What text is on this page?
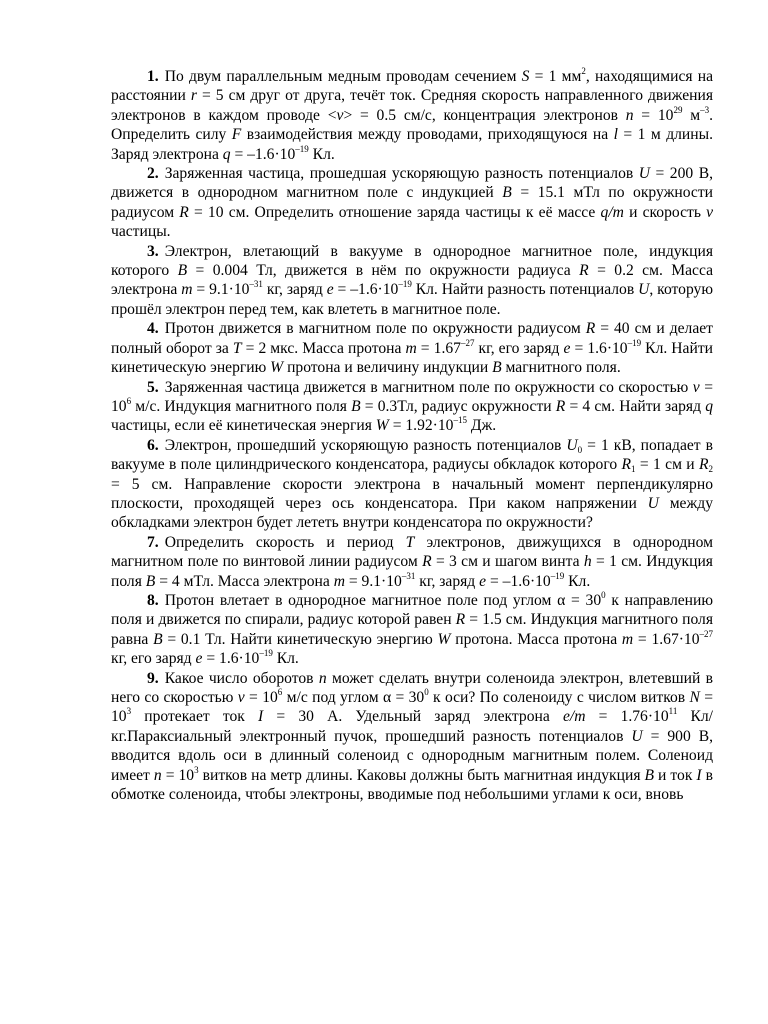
1. По двум параллельным медным проводам сечением S = 1 $мм^2$, находящимися на расстоянии r = 5 см друг от друга, течёт ток. Средняя скорость направленного движения электронов в каждом проводе <v> = 0.5 см/с, концентрация электронов $n = 10^{29}$ $м^{-3}$. Определить силу F взаимодействия между проводами, приходящуюся на l = 1 м длины. Заряд электрона $q = -1.6\cdot 10^{-19}$ Кл.

2. Заряженная частица, прошедшая ускоряющую разность потенциалов U = 200 В, движется в однородном магнитном поле с индукцией B = 15.1 мТл по окружности радиусом R = 10 см. Определить отношение заряда частицы к её массе q/m и скорость v частицы.

3. Электрон, влетающий в вакууме в однородное магнитное поле, индукция которого B = 0.004 Тл, движется в нём по окружности радиуса R = 0.2 см. Масса электрона $m = 9.1\cdot 10^{-31}$ кг, заряд $e = -1.6\cdot 10^{-19}$ Кл. Найти разность потенциалов U, которую прошёл электрон перед тем, как влететь в магнитное поле.

4. Протон движется в магнитном поле по окружности радиусом R = 40 см и делает полный оборот за T = 2 мкс. Масса протона $m = 1.67^{-27}$ кг, его заряд $e = 1.6\cdot 10^{-19}$ Кл. Найти кинетическую энергию W протона и величину индукции B магнитного поля.

5. Заряженная частица движется в магнитном поле по окружности со скоростью $v = 10^6$ м/с. Индукция магнитного поля B = 0.3Тл, радиус окружности R = 4 см. Найти заряд q частицы, если её кинетическая энергия $W = 1.92\cdot 10^{-15}$ Дж.

6. Электрон, прошедший ускоряющую разность потенциалов $U_0 = 1$ кВ, попадает в вакууме в поле цилиндрического конденсатора, радиусы обкладок которого $R_1 = 1$ см и $R_2 = 5$ см. Направление скорости электрона в начальный момент перпендикулярно плоскости, проходящей через ось конденсатора. При каком напряжении U между обкладками электрон будет лететь внутри конденсатора по окружности?

7. Определить скорость и период T электронов, движущихся в однородном магнитном поле по винтовой линии радиусом R = 3 см и шагом винта h = 1 см. Индукция поля B = 4 мТл. Масса электрона $m = 9.1\cdot 10^{-31}$ кг, заряд $e = -1.6\cdot 10^{-19}$ Кл.

8. Протон влетает в однородное магнитное поле под углом $\alpha = 30^0$ к направлению поля и движется по спирали, радиус которой равен R = 1.5 см. Индукция магнитного поля равна B = 0.1 Тл. Найти кинетическую энергию W протона. Масса протона $m = 1.67\cdot 10^{-27}$ кг, его заряд $e = 1.6\cdot 10^{-19}$ Кл.

9. Какое число оборотов n может сделать внутри соленоида электрон, влетевший в него со скоростью $v = 10^6$ м/с под углом $\alpha = 30^0$ к оси? По соленоиду с числом витков $N = 10^3$ протекает ток I = 30 А. Удельный заряд электрона $e/m = 1.76\cdot 10^{11}$ Кл/кг.Параксиальный электронный пучок, прошедший разность потенциалов U = 900 В, вводится вдоль оси в длинный соленоид с однородным магнитным полем. Соленоид имеет $n = 10^3$ витков на метр длины. Каковы должны быть магнитная индукция B и ток I в обмотке соленоида, чтобы электроны, вводимые под небольшими углами к оси, вновь
